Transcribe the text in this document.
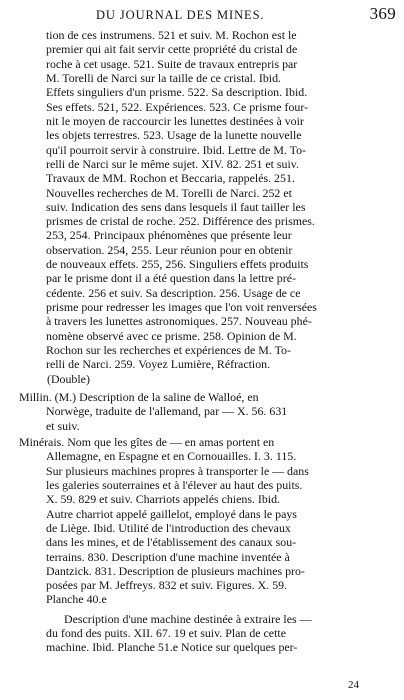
DU JOURNAL DES MINES.	369
tion de ces instrumens. 521 et suiv. M. Rochon est le
premier qui ait fait servir cette propriété du cristal de
roche à cet usage. 521. Suite de travaux entrepris par
M. Torelli de Narci sur la taille de ce cristal. Ibid.
Effets singuliers d'un prisme. 522. Sa description. Ibid.
Ses effets. 521, 522. Expériences. 523. Ce prisme four-
nit le moyen de raccourcir les lunettes destinées à voir
les objets terrestres. 523. Usage de la lunette nouvelle
qu'il pourroit servir à construire. Ibid. Lettre de M. To-
relli de Narci sur le même sujet. XIV. 82. 251 et suiv.
Travaux de MM. Rochon et Beccaria, rappelés. 251.
Nouvelles recherches de M. Torelli de Narci. 252 et
suiv. Indication des sens dans lesquels il faut tailler les
prismes de cristal de roche. 252. Différence des prismes.
253, 254. Principaux phénomènes que présente leur
observation. 254, 255. Leur réunion pour en obtenir
de nouveaux effets. 255, 256. Singuliers effets produits
par le prisme dont il a été question dans la lettre pré-
cédente. 256 et suiv. Sa description. 256. Usage de ce
prisme pour redresser les images que l'on voit renversées
à travers les lunettes astronomiques. 257. Nouveau phé-
nomène observé avec ce prisme. 258. Opinion de M.
Rochon sur les recherches et expériences de M. To-
relli de Narci. 259. Voyez Lumière, Réfraction.
(Double)
Millin. (M.) Description de la saline de Walloé, en
Norwège, traduite de l'allemand, par — X. 56. 631
et suiv.
Minérais. Nom que les gîtes de — en amas portent en
Allemagne, en Espagne et en Cornouailles. I. 3. 115.
Sur plusieurs machines propres à transporter le — dans
les galeries souterraines et à l'élever au haut des puits.
X. 59. 829 et suiv. Charriots appelés chiens. Ibid.
Autre charriot appelé gaillelot, employé dans le pays
de Liège. Ibid. Utilité de l'introduction des chevaux
dans les mines, et de l'établissement des canaux sou-
terrains. 830. Description d'une machine inventée à
Dantzick. 831. Description de plusieurs machines pro-
posées par M. Jeffreys. 832 et suiv. Figures. X. 59.
Planche 40.e
Description d'une machine destinée à extraire les —
du fond des puits. XII. 67. 19 et suiv. Plan de cette
machine. Ibid. Planche 51.e Notice sur quelques per-
24
